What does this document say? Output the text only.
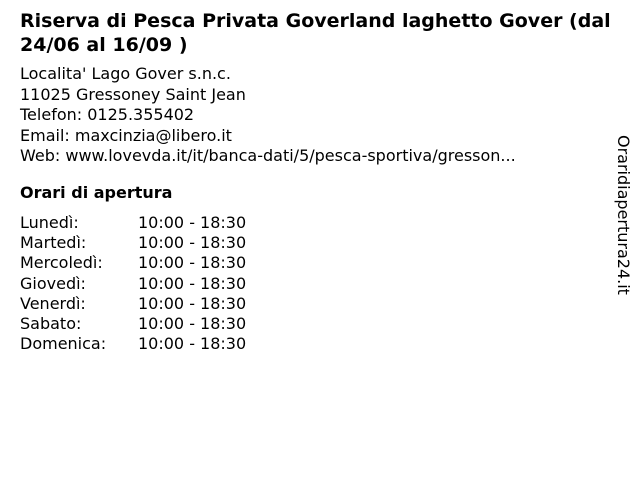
Riserva di Pesca Privata Goverland laghetto Gover (dal 24/06 al 16/09 )
Localita' Lago Gover s.n.c.
11025 Gressoney Saint Jean
Telefon: 0125.355402
Email: maxcinzia@libero.it
Web: www.lovevda.it/it/banca-dati/5/pesca-sportiva/gresson...
Orari di apertura
Lunedì:	10:00 - 18:30
Martedì:	10:00 - 18:30
Mercoledì:	10:00 - 18:30
Giovedì:	10:00 - 18:30
Venerdì:	10:00 - 18:30
Sabato:	10:00 - 18:30
Domenica:	10:00 - 18:30
Oraridiapertura24.it
